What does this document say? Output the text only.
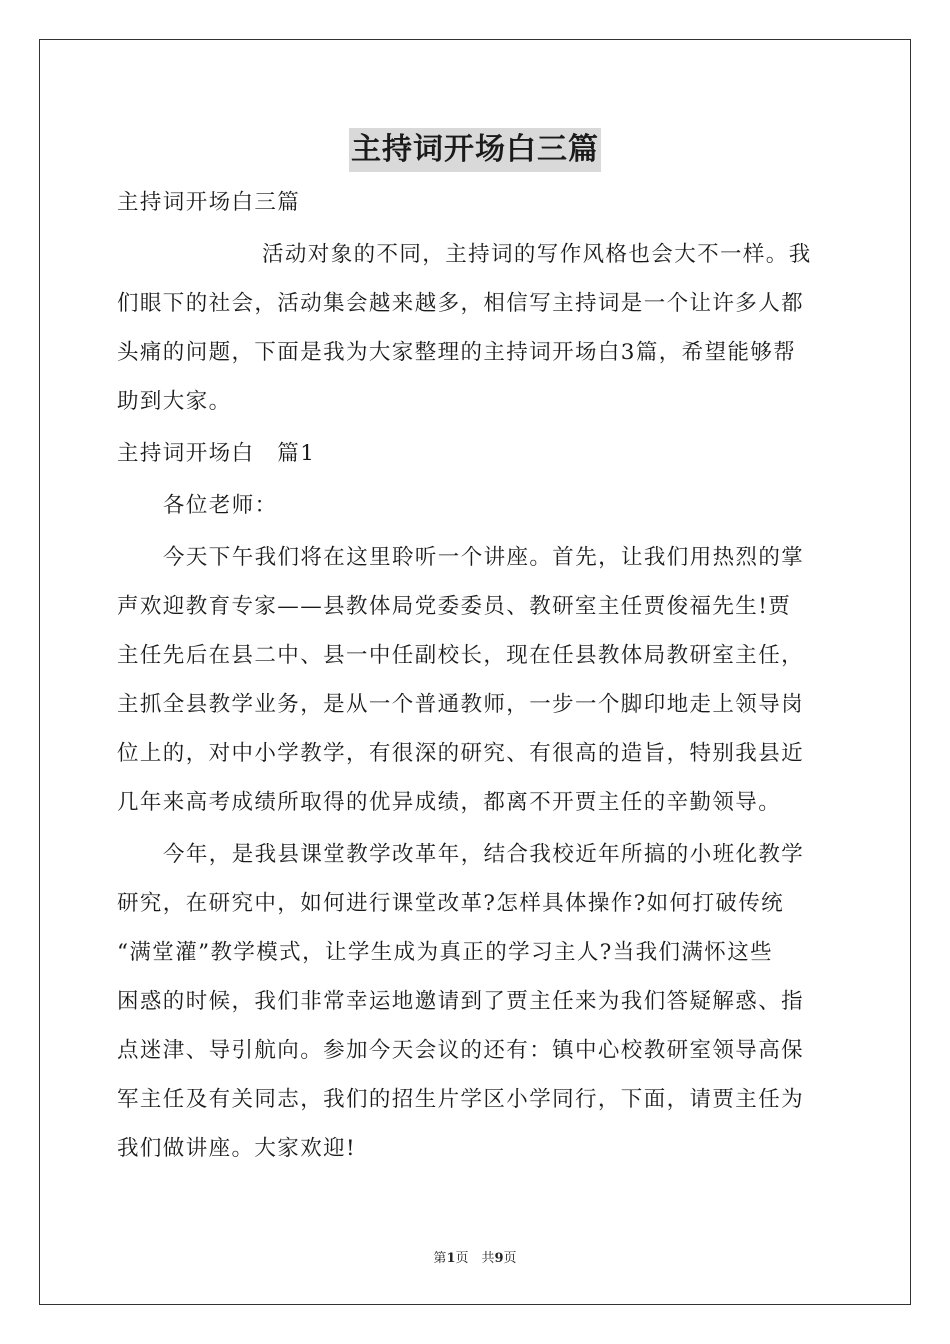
主持词开场白三篇

主持词开场白三篇

活动对象的不同，主持词的写作风格也会大不一样。我

们眼下的社会，活动集会越来越多，相信写主持词是一个让许多人都

头痛的问题，下面是我为大家整理的主持词开场白3篇，希望能够帮

助到大家。

主持词开场白　篇1

各位老师：

今天下午我们将在这里聆听一个讲座。首先，让我们用热烈的掌

声欢迎教育专家——县教体局党委委员、教研室主任贾俊福先生!贾

主任先后在县二中、县一中任副校长，现在任县教体局教研室主任，

主抓全县教学业务，是从一个普通教师，一步一个脚印地走上领导岗

位上的，对中小学教学，有很深的研究、有很高的造旨，特别我县近

几年来高考成绩所取得的优异成绩，都离不开贾主任的辛勤领导。

今年，是我县课堂教学改革年，结合我校近年所搞的小班化教学

研究，在研究中，如何进行课堂改革?怎样具体操作?如何打破传统

“满堂灌”教学模式，让学生成为真正的学习主人?当我们满怀这些

困惑的时候，我们非常幸运地邀请到了贾主任来为我们答疑解惑、指

点迷津、导引航向。参加今天会议的还有：镇中心校教研室领导高保

军主任及有关同志，我们的招生片学区小学同行，下面，请贾主任为

我们做讲座。大家欢迎!

第1页　共9页
